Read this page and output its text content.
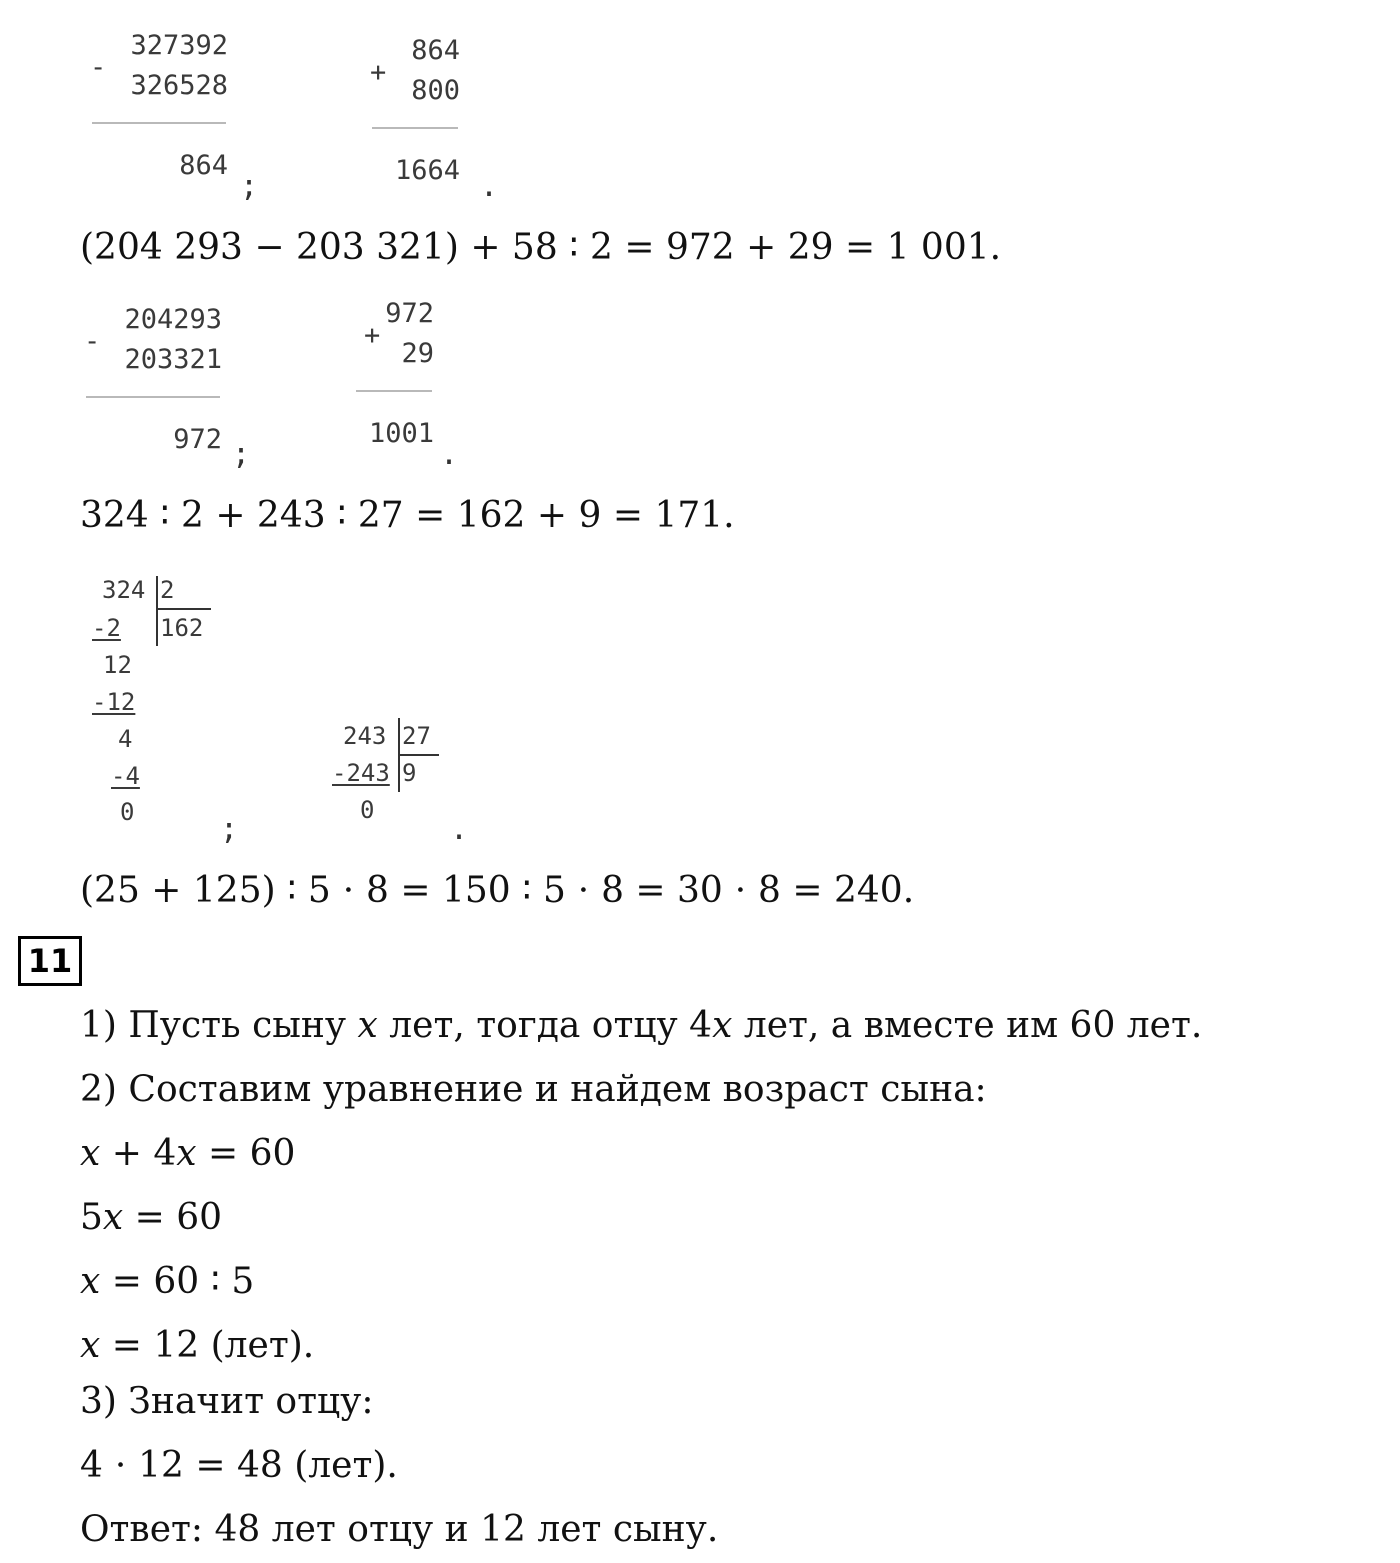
-
327392
326528
864
;
+
864
800
1664 .
(204 293 − 203 321) + 58 ∶ 2 = 972 + 29 = 1 001.
-
204293
203321
972 ;
+
972
29
1001
.
324 ∶ 2 + 243 ∶ 27 = 162 + 9 = 171.
324 2
162
-2
12
-12
4
-4
0	;
243 27
9
-243
0
.
(25 + 125) ∶ 5 ⋅ 8 = 150 ∶ 5 ⋅ 8 = 30 ⋅ 8 = 240.
11
1) Пусть сыну x лет, тогда отцу 4x лет, а вместе им 60 лет.
2) Составим уравнение и найдем возраст сына:
x + 4x = 60
5x = 60
x = 60 ∶ 5
x = 12 (лет).
3) Значит отцу:
4 ⋅ 12 = 48 (лет).
Ответ: 48 лет отцу и 12 лет сыну.
